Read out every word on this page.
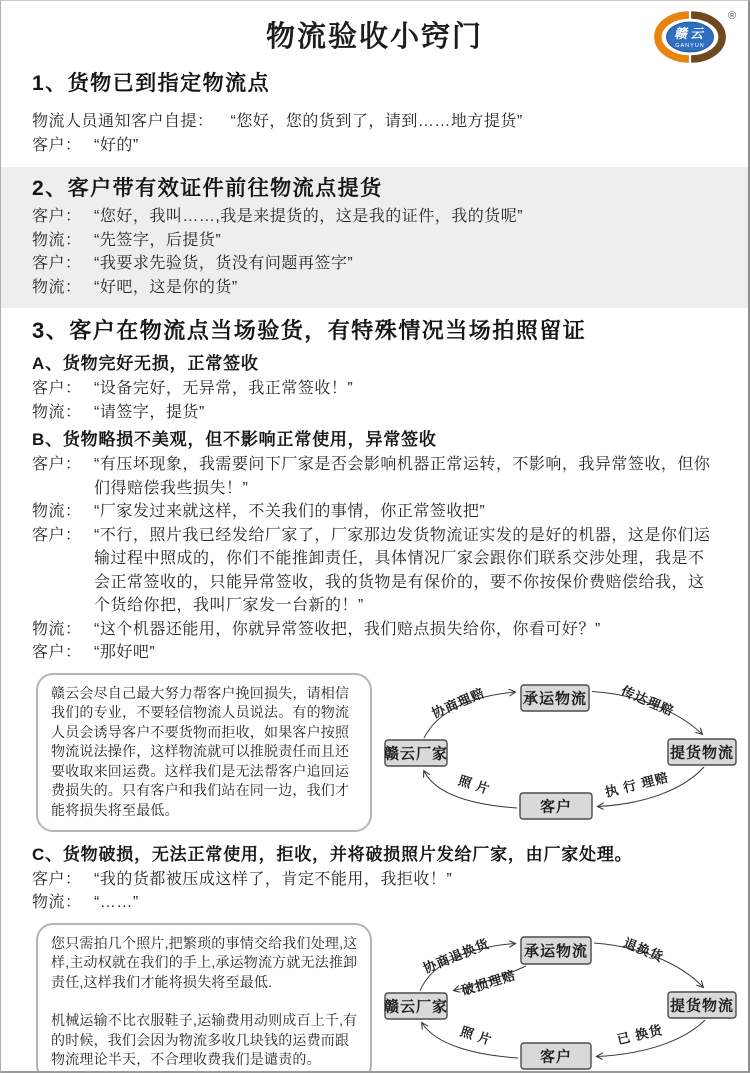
物流验收小窍门	赣云
GANYUN
®
1、货物已到指定物流点
物流人员通知客户自提： “您好，您的货到了，请到……地方提货”
客户： “好的”
2、客户带有效证件前往物流点提货
客户： “您好，我叫……,我是来提货的，这是我的证件，我的货呢”
物流： “先签字，后提货”
客户： “我要求先验货，货没有问题再签字”
物流： “好吧，这是你的货”
3、客户在物流点当场验货，有特殊情况当场拍照留证
A、货物完好无损，正常签收
客户： “设备完好，无异常，我正常签收！”
物流： “请签字，提货”
B、货物略损不美观，但不影响正常使用，异常签收
客户： “有压坏现象，我需要问下厂家是否会影响机器正常运转，不影响，我异常签收，但你们得赔偿我些损失！”
物流： “厂家发过来就这样，不关我们的事情，你正常签收把”
客户： “不行，照片我已经发给厂家了，厂家那边发货物流证实发的是好的机器，这是你们运输过程中照成的，你们不能推卸责任，具体情况厂家会跟你们联系交涉处理，我是不会正常签收的，只能异常签收，我的货物是有保价的，要不你按保价费赔偿给我，这个货给你把，我叫厂家发一台新的！”
物流： “这个机器还能用，你就异常签收把，我们赔点损失给你，你看可好？”
客户： “那好吧”

赣云会尽自己最大努力帮客户挽回损失，请相信我们的专业，不要轻信物流人员说法。有的物流人员会诱导客户不要货物而拒收，如果客户按照物流说法操作，这样物流就可以推脱责任而且还要收取来回运费。这样我们是无法帮客户追回运费损失的。只有客户和我们站在同一边，我们才能将损失将至最低。

承运物流
提货物流
赣云厂家
客户
协商理赔	传达理赔
执 行 理赔
照 片
C、货物破损，无法正常使用，拒收，并将破损照片发给厂家，由厂家处理。
客户： “我的货都被压成这样了，肯定不能用，我拒收！”
物流： “……”

您只需拍几个照片,把繁琐的事情交给我们处理,这样,主动权就在我们的手上,承运物流方就无法推卸责任,这样我们才能将损失将至最低.

机械运输不比衣服鞋子,运输费用动则成百上千,有的时候，我们会因为物流多收几块钱的运费而跟物流理论半天，不合理收费我们是谴责的。

承运物流
提货物流
赣云厂家
客户
协商退换货
破损理赔
退换货
已 换货
照 片
